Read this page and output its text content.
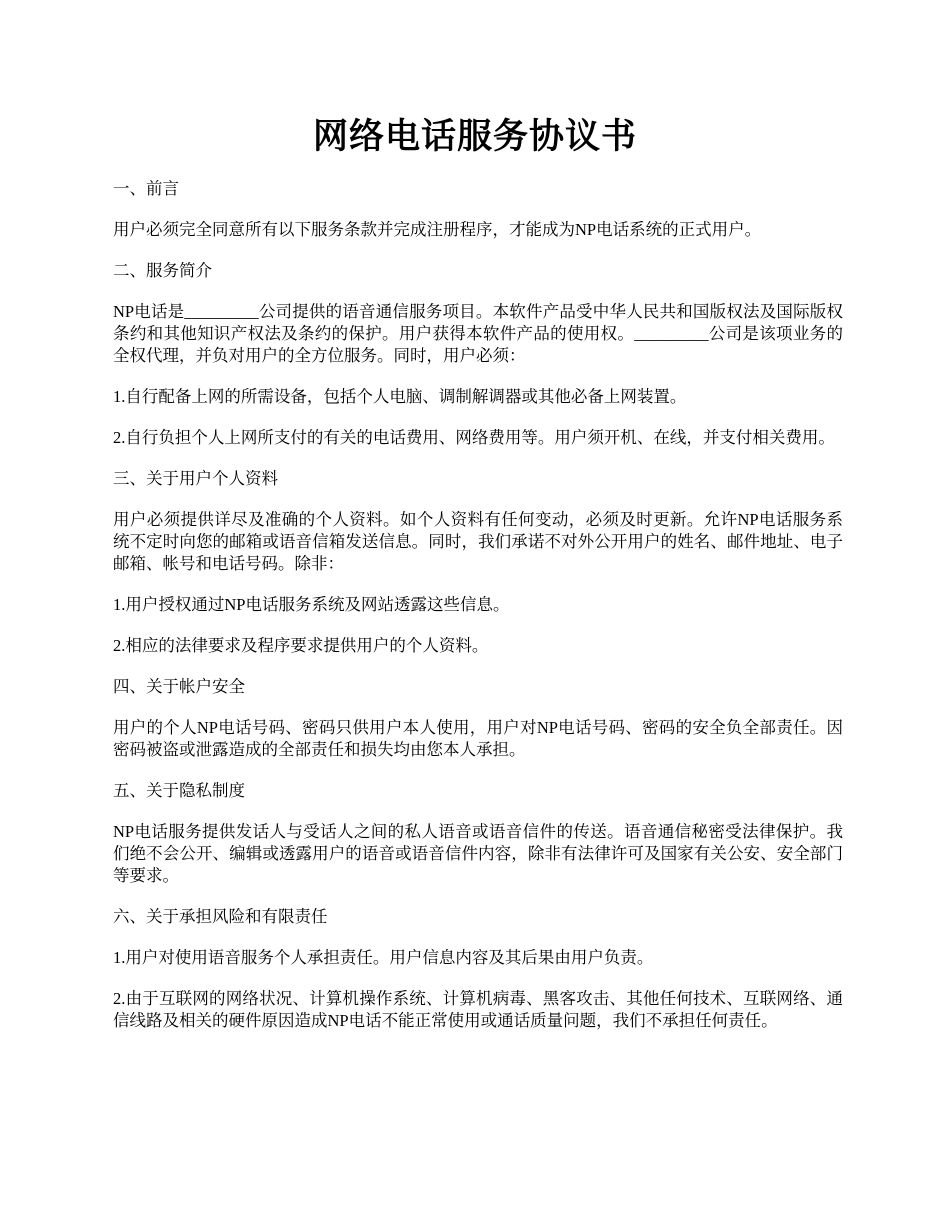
网络电话服务协议书

一、前言

用户必须完全同意所有以下服务条款并完成注册程序，才能成为NP电话系统的正式用户。

二、服务简介

NP电话是_________公司提供的语音通信服务项目。本软件产品受中华人民共和国版权法及国际版权条约和其他知识产权法及条约的保护。用户获得本软件产品的使用权。_________公司是该项业务的全权代理，并负对用户的全方位服务。同时，用户必须：

1.自行配备上网的所需设备，包括个人电脑、调制解调器或其他必备上网装置。

2.自行负担个人上网所支付的有关的电话费用、网络费用等。用户须开机、在线，并支付相关费用。

三、关于用户个人资料

用户必须提供详尽及准确的个人资料。如个人资料有任何变动，必须及时更新。允许NP电话服务系统不定时向您的邮箱或语音信箱发送信息。同时，我们承诺不对外公开用户的姓名、邮件地址、电子邮箱、帐号和电话号码。除非：

1.用户授权通过NP电话服务系统及网站透露这些信息。

2.相应的法律要求及程序要求提供用户的个人资料。

四、关于帐户安全

用户的个人NP电话号码、密码只供用户本人使用，用户对NP电话号码、密码的安全负全部责任。因密码被盗或泄露造成的全部责任和损失均由您本人承担。

五、关于隐私制度

NP电话服务提供发话人与受话人之间的私人语音或语音信件的传送。语音通信秘密受法律保护。我们绝不会公开、编辑或透露用户的语音或语音信件内容，除非有法律许可及国家有关公安、安全部门等要求。

六、关于承担风险和有限责任

1.用户对使用语音服务个人承担责任。用户信息内容及其后果由用户负责。

2.由于互联网的网络状况、计算机操作系统、计算机病毒、黑客攻击、其他任何技术、互联网络、通信线路及相关的硬件原因造成NP电话不能正常使用或通话质量问题，我们不承担任何责任。
